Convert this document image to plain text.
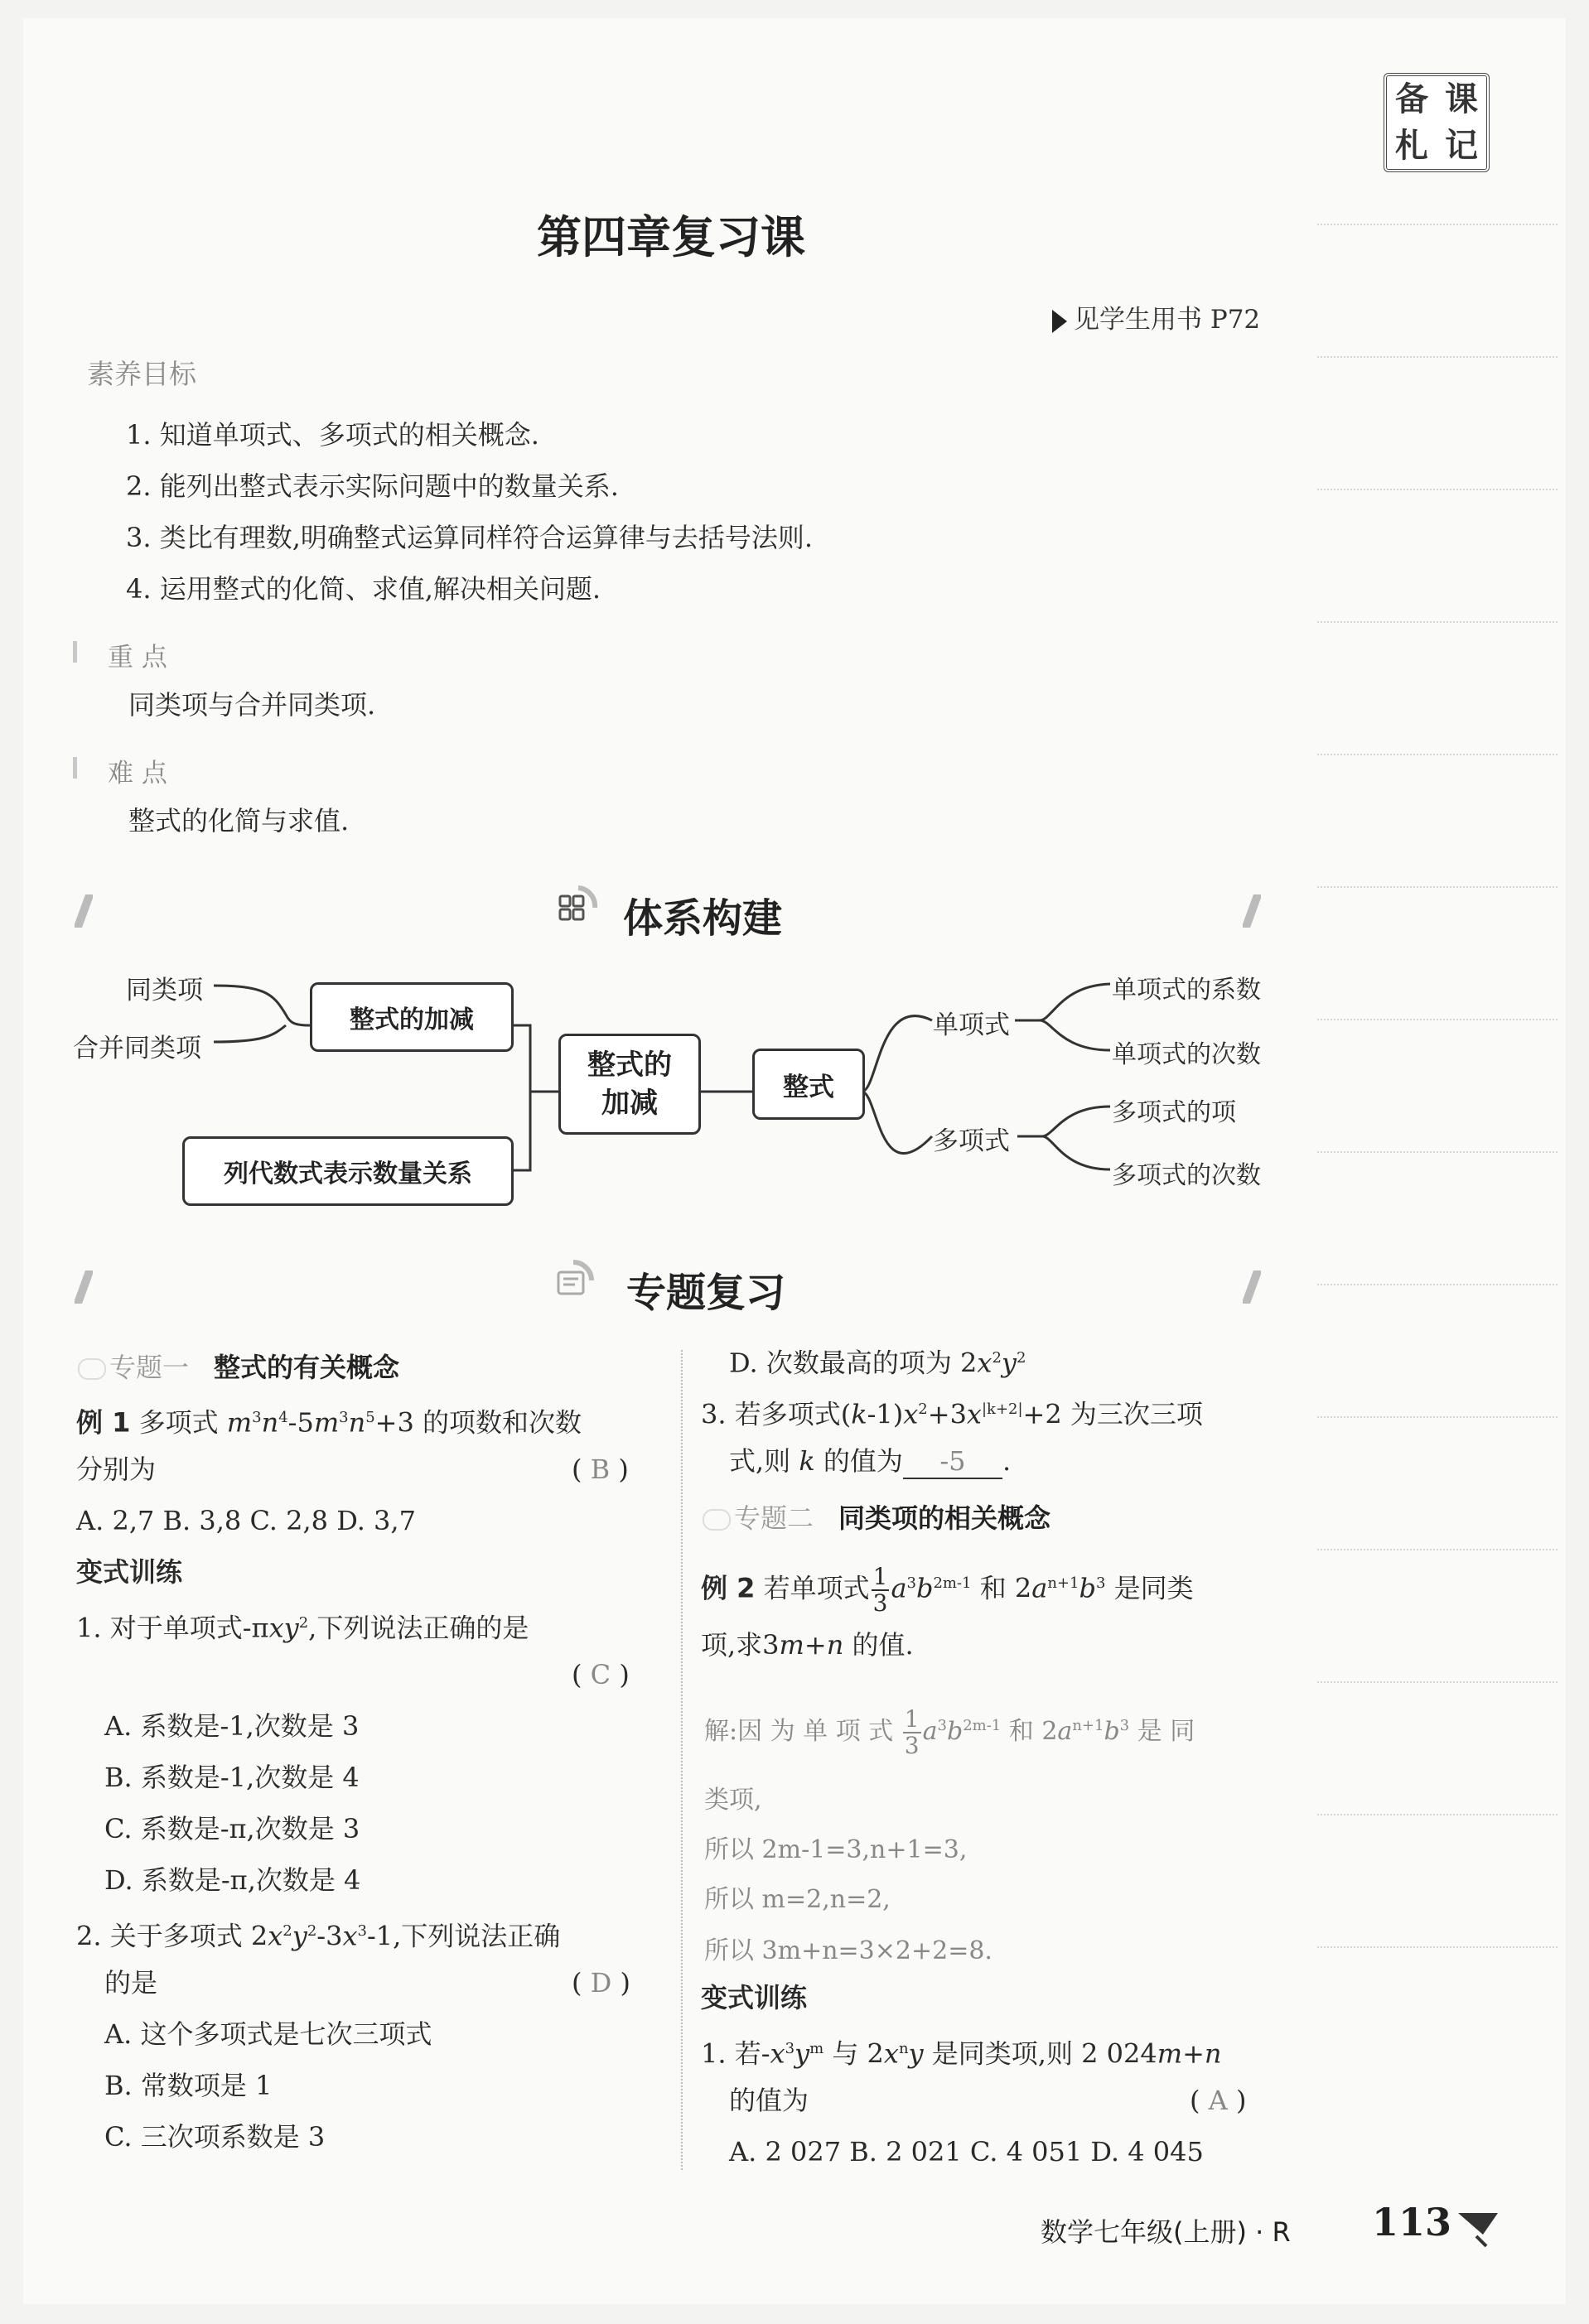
备 课
札 记
第四章复习课
见学生用书 P72
素养目标
1. 知道单项式、多项式的相关概念.
2. 能列出整式表示实际问题中的数量关系.
3. 类比有理数,明确整式运算同样符合运算律与去括号法则.
4. 运用整式的化简、求值,解决相关问题.
重 点
同类项与合并同类项.
难 点
整式的化简与求值.
体系构建
同类项
合并同类项
整式的加减
列代数式表示数量关系
整式的
加减	整式
单项式
多项式
单项式的系数
单项式的次数
多项式的项
多项式的次数
专题复习
专题一 整式的有关概念
例 1 多项式 $m^3n^4-5m^3n^5+3$ 的项数和次数
分别为	( B )
A. 2,7 B. 3,8 C. 2,8 D. 3,7
变式训练
1. 对于单项式-πxy$^2$,下列说法正确的是
( C )
A. 系数是-1,次数是 3
B. 系数是-1,次数是 4
C. 系数是-π,次数是 3
D. 系数是-π,次数是 4
2. 关于多项式 $2x^2y^2-3x^3-1$,下列说法正确
的是	( D )
A. 这个多项式是七次三项式
B. 常数项是 1
C. 三次项系数是 3
D. 次数最高的项为 $2x^2y^2$
3. 若多项式$(k-1)x^2+3x^{|k+2|}+2$ 为三次三项
式,则 k 的值为 -5 .
专题二 同类项的相关概念
例 2 若单项式 $\frac{1}{3} a^3b^{2m-1}$ 和 $2a^{n+1}b^3$ 是同类
项,求3m+n 的值.
解:因 为 单 项 式 $\frac{1}{3} a^3b^{2m-1}$ 和 $2a^{n+1}b^3$ 是 同
类项,
所以 2m-1=3,n+1=3,
所以 m=2,n=2,
所以 3m+n=3×2+2=8.
变式训练
1. 若$-x^3y^m$ 与 $2x^ny$ 是同类项,则 2 024m+n
的值为	( A )
A. 2 027 B. 2 021 C. 4 051 D. 4 045
数学七年级(上册) · R 113
